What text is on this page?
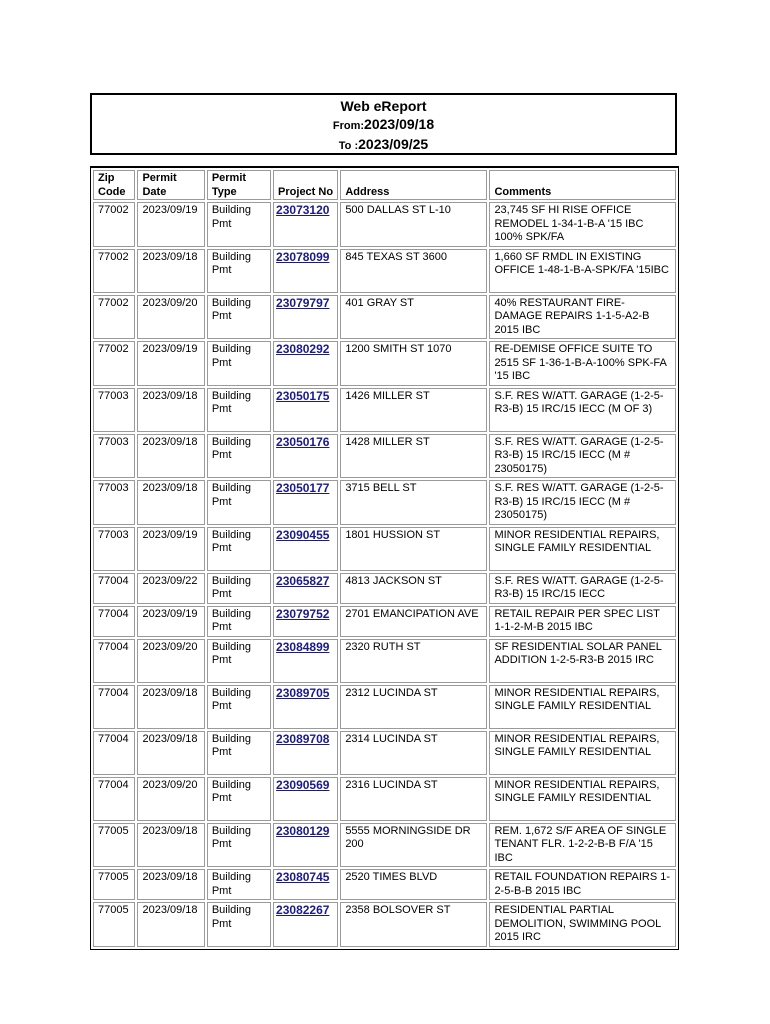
Web eReport
From:2023/09/18
To :2023/09/25
Zip Code	Permit Date	Permit Type	Project No	Address	Comments
77002	2023/09/19	Building Pmt	23073120	500 DALLAS ST L-10	23,745 SF HI RISE OFFICE REMODEL 1-34-1-B-A '15 IBC 100% SPK/FA
77002	2023/09/18	Building Pmt	23078099	845 TEXAS ST 3600	1,660 SF RMDL IN EXISTING OFFICE 1-48-1-B-A-SPK/FA '15IBC
77002	2023/09/20	Building Pmt	23079797	401 GRAY ST	40% RESTAURANT FIRE-DAMAGE REPAIRS 1-1-5-A2-B 2015 IBC
77002	2023/09/19	Building Pmt	23080292	1200 SMITH ST 1070	RE-DEMISE OFFICE SUITE TO 2515 SF 1-36-1-B-A-100% SPK-FA '15 IBC
77003	2023/09/18	Building Pmt	23050175	1426 MILLER ST	S.F. RES W/ATT. GARAGE (1-2-5-R3-B) 15 IRC/15 IECC (M OF 3)
77003	2023/09/18	Building Pmt	23050176	1428 MILLER ST	S.F. RES W/ATT. GARAGE (1-2-5-R3-B) 15 IRC/15 IECC (M # 23050175)
77003	2023/09/18	Building Pmt	23050177	3715 BELL ST	S.F. RES W/ATT. GARAGE (1-2-5-R3-B) 15 IRC/15 IECC (M # 23050175)
77003	2023/09/19	Building Pmt	23090455	1801 HUSSION ST	MINOR RESIDENTIAL REPAIRS, SINGLE FAMILY RESIDENTIAL
77004	2023/09/22	Building Pmt	23065827	4813 JACKSON ST	S.F. RES W/ATT. GARAGE (1-2-5-R3-B) 15 IRC/15 IECC
77004	2023/09/19	Building Pmt	23079752	2701 EMANCIPATION AVE	RETAIL REPAIR PER SPEC LIST 1-1-2-M-B 2015 IBC
77004	2023/09/20	Building Pmt	23084899	2320 RUTH ST	SF RESIDENTIAL SOLAR PANEL ADDITION 1-2-5-R3-B 2015 IRC
77004	2023/09/18	Building Pmt	23089705	2312 LUCINDA ST	MINOR RESIDENTIAL REPAIRS, SINGLE FAMILY RESIDENTIAL
77004	2023/09/18	Building Pmt	23089708	2314 LUCINDA ST	MINOR RESIDENTIAL REPAIRS, SINGLE FAMILY RESIDENTIAL
77004	2023/09/20	Building Pmt	23090569	2316 LUCINDA ST	MINOR RESIDENTIAL REPAIRS, SINGLE FAMILY RESIDENTIAL
77005	2023/09/18	Building Pmt	23080129	5555 MORNINGSIDE DR 200	REM. 1,672 S/F AREA OF SINGLE TENANT FLR. 1-2-2-B-B F/A '15 IBC
77005	2023/09/18	Building Pmt	23080745	2520 TIMES BLVD	RETAIL FOUNDATION REPAIRS 1-2-5-B-B 2015 IBC
77005	2023/09/18	Building Pmt	23082267	2358 BOLSOVER ST	RESIDENTIAL PARTIAL DEMOLITION, SWIMMING POOL 2015 IRC
